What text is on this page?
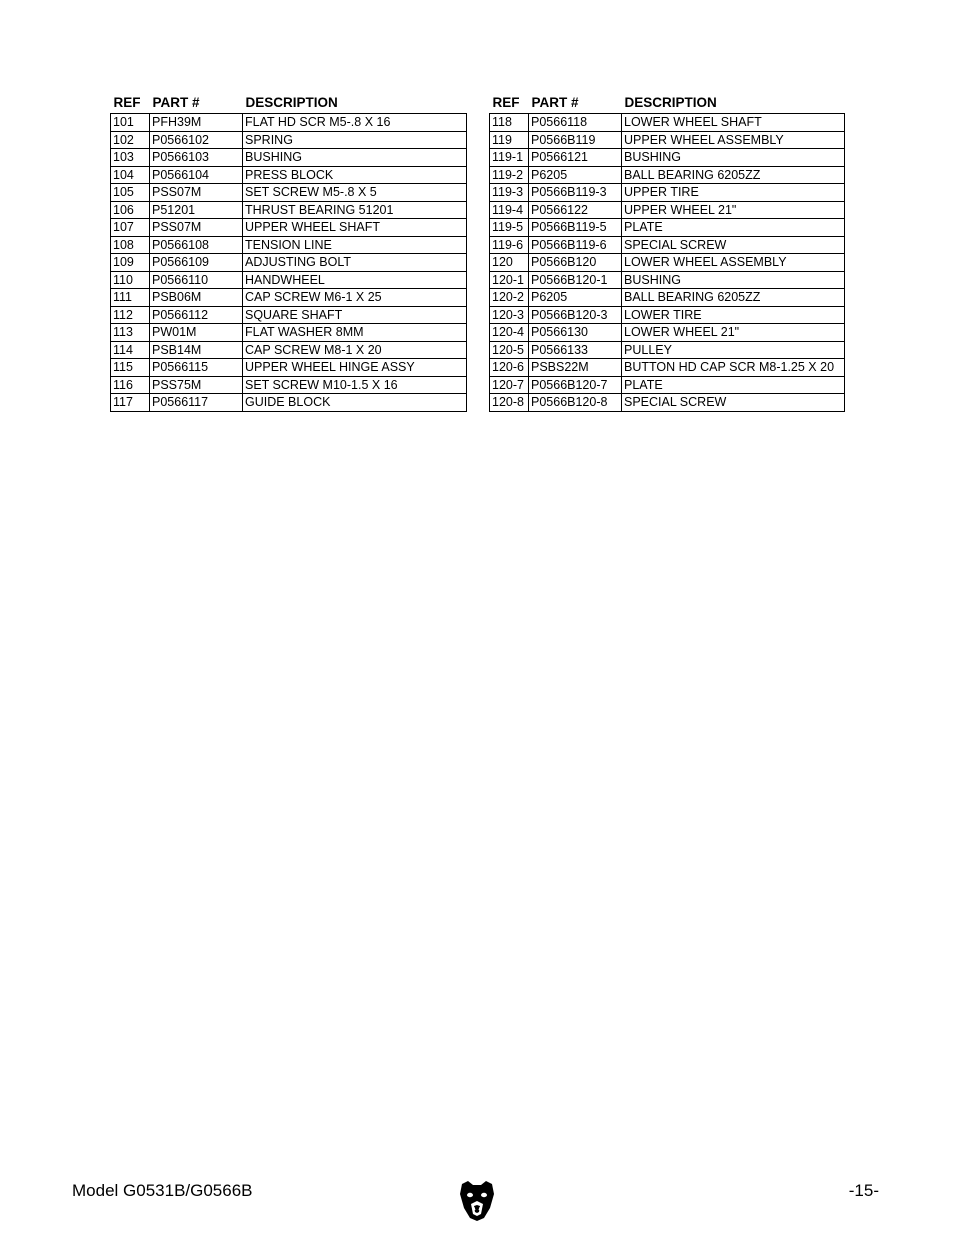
REF	PART #	DESCRIPTION
101	PFH39M	FLAT HD SCR M5-.8 X 16
102	P0566102	SPRING
103	P0566103	BUSHING
104	P0566104	PRESS BLOCK
105	PSS07M	SET SCREW M5-.8 X 5
106	P51201	THRUST BEARING 51201
107	PSS07M	UPPER WHEEL SHAFT
108	P0566108	TENSION LINE
109	P0566109	ADJUSTING BOLT
110	P0566110	HANDWHEEL
111	PSB06M	CAP SCREW M6-1 X 25
112	P0566112	SQUARE SHAFT
113	PW01M	FLAT WASHER 8MM
114	PSB14M	CAP SCREW M8-1 X 20
115	P0566115	UPPER WHEEL HINGE ASSY
116	PSS75M	SET SCREW M10-1.5 X 16
117	P0566117	GUIDE BLOCK
REF	PART #	DESCRIPTION
118	P0566118	LOWER WHEEL SHAFT
119	P0566B119	UPPER WHEEL ASSEMBLY
119-1	P0566121	BUSHING
119-2	P6205	BALL BEARING 6205ZZ
119-3	P0566B119-3	UPPER TIRE
119-4	P0566122	UPPER WHEEL 21"
119-5	P0566B119-5	PLATE
119-6	P0566B119-6	SPECIAL SCREW
120	P0566B120	LOWER WHEEL ASSEMBLY
120-1	P0566B120-1	BUSHING
120-2	P6205	BALL BEARING 6205ZZ
120-3	P0566B120-3	LOWER TIRE
120-4	P0566130	LOWER WHEEL 21"
120-5	P0566133	PULLEY
120-6	PSBS22M	BUTTON HD CAP SCR M8-1.25 X 20
120-7	P0566B120-7	PLATE
120-8	P0566B120-8	SPECIAL SCREW
Model G0531B/G0566B	-15-
